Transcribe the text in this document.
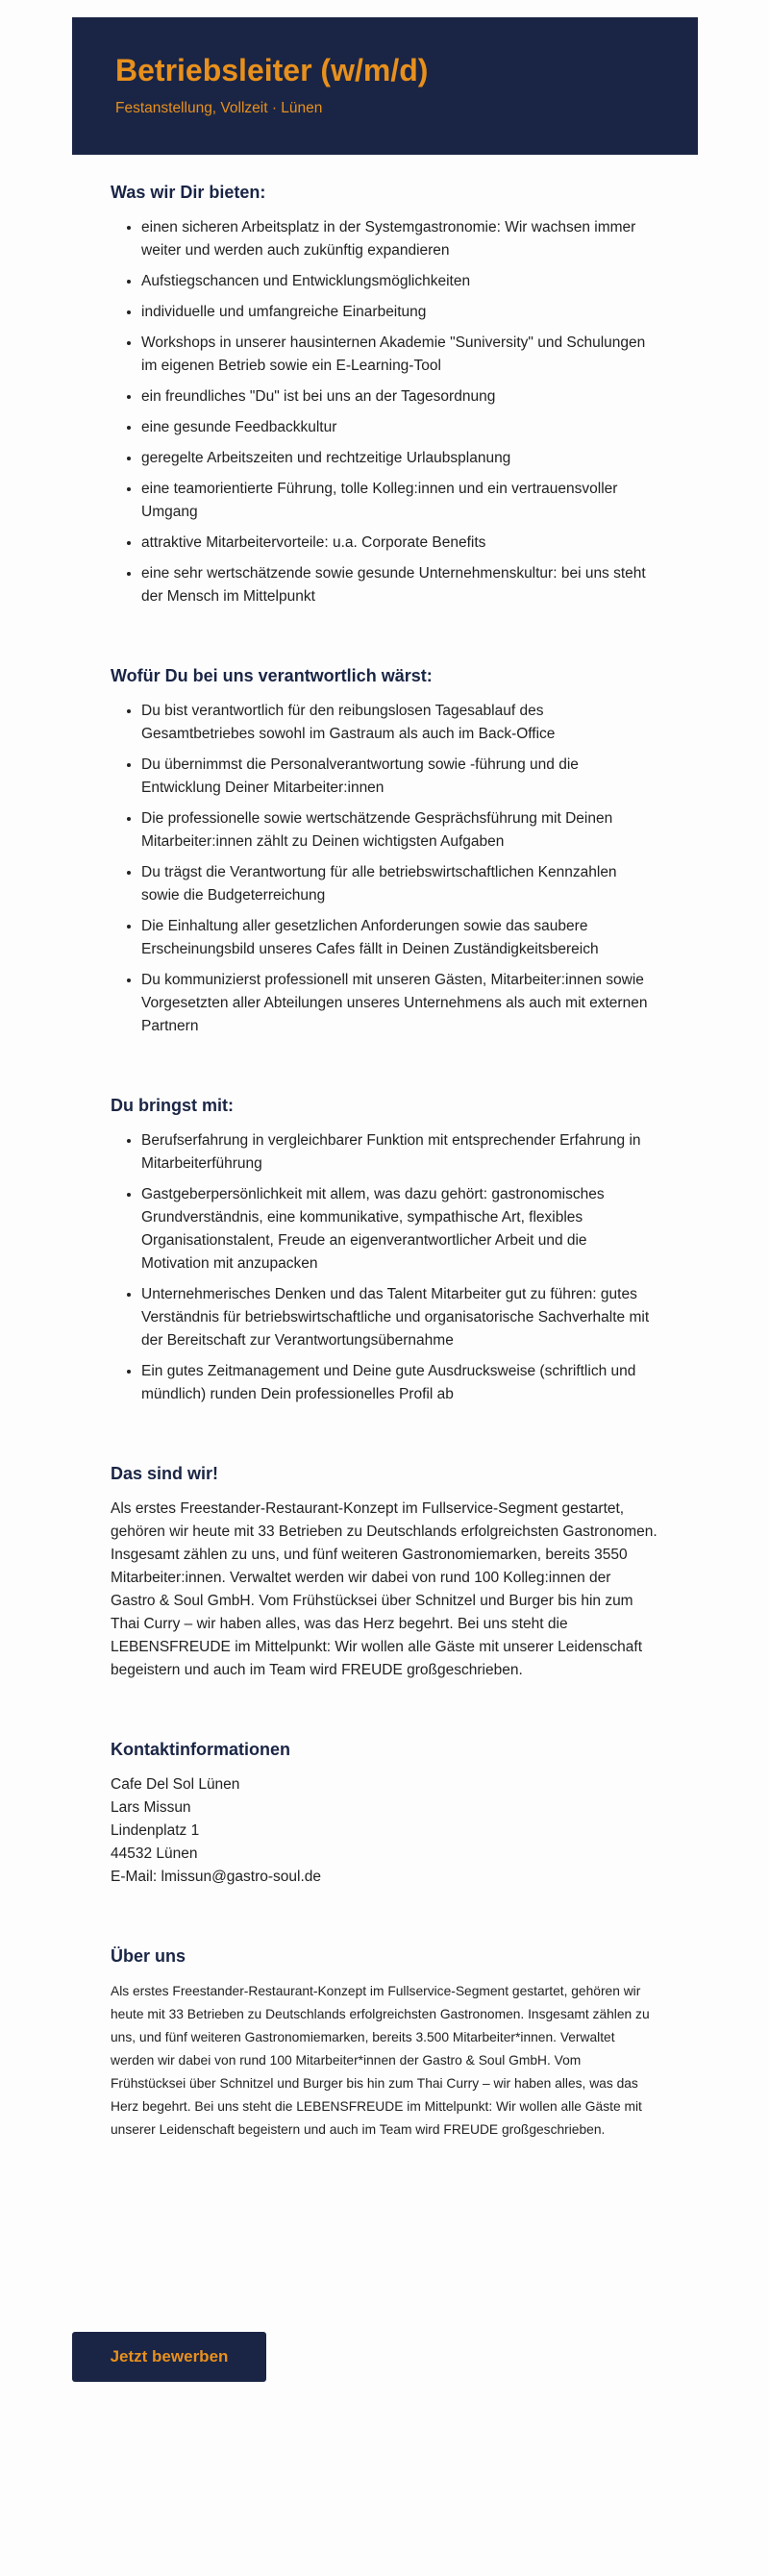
Betriebsleiter (w/m/d)
Festanstellung, Vollzeit · Lünen
Was wir Dir bieten:
• einen sicheren Arbeitsplatz in der Systemgastronomie: Wir wachsen immer weiter und werden auch zukünftig expandieren
• Aufstiegschancen und Entwicklungsmöglichkeiten
• individuelle und umfangreiche Einarbeitung
• Workshops in unserer hausinternen Akademie "Suniversity" und Schulungen im eigenen Betrieb sowie ein E-Learning-Tool
• ein freundliches "Du" ist bei uns an der Tagesordnung
• eine gesunde Feedbackkultur
• geregelte Arbeitszeiten und rechtzeitige Urlaubsplanung
• eine teamorientierte Führung, tolle Kolleg:innen und ein vertrauensvoller Umgang
• attraktive Mitarbeitervorteile: u.a. Corporate Benefits
• eine sehr wertschätzende sowie gesunde Unternehmenskultur: bei uns steht der Mensch im Mittelpunkt
Wofür Du bei uns verantwortlich wärst:
• Du bist verantwortlich für den reibungslosen Tagesablauf des Gesamtbetriebes sowohl im Gastraum als auch im Back-Office
• Du übernimmst die Personalverantwortung sowie -führung und die Entwicklung Deiner Mitarbeiter:innen
• Die professionelle sowie wertschätzende Gesprächsführung mit Deinen Mitarbeiter:innen zählt zu Deinen wichtigsten Aufgaben
• Du trägst die Verantwortung für alle betriebswirtschaftlichen Kennzahlen sowie die Budgeterreichung
• Die Einhaltung aller gesetzlichen Anforderungen sowie das saubere Erscheinungsbild unseres Cafes fällt in Deinen Zuständigkeitsbereich
• Du kommunizierst professionell mit unseren Gästen, Mitarbeiter:innen sowie Vorgesetzten aller Abteilungen unseres Unternehmens als auch mit externen Partnern
Du bringst mit:
• Berufserfahrung in vergleichbarer Funktion mit entsprechender Erfahrung in Mitarbeiterführung
• Gastgeberpersönlichkeit mit allem, was dazu gehört: gastronomisches Grundverständnis, eine kommunikative, sympathische Art, flexibles Organisationstalent, Freude an eigenverantwortlicher Arbeit und die Motivation mit anzupacken
• Unternehmerisches Denken und das Talent Mitarbeiter gut zu führen: gutes Verständnis für betriebswirtschaftliche und organisatorische Sachverhalte mit der Bereitschaft zur Verantwortungsübernahme
• Ein gutes Zeitmanagement und Deine gute Ausdrucksweise (schriftlich und mündlich) runden Dein professionelles Profil ab
Das sind wir!

Als erstes Freestander-Restaurant-Konzept im Fullservice-Segment gestartet, gehören wir heute mit 33 Betrieben zu Deutschlands erfolgreichsten Gastronomen. Insgesamt zählen zu uns, und fünf weiteren Gastronomiemarken, bereits 3550 Mitarbeiter:innen. Verwaltet werden wir dabei von rund 100 Kolleg:innen der Gastro & Soul GmbH. Vom Frühstücksei über Schnitzel und Burger bis hin zum Thai Curry – wir haben alles, was das Herz begehrt. Bei uns steht die LEBENSFREUDE im Mittelpunkt: Wir wollen alle Gäste mit unserer Leidenschaft begeistern und auch im Team wird FREUDE großgeschrieben.

Kontaktinformationen
Cafe Del Sol Lünen
Lars Missun
Lindenplatz 1
44532 Lünen
E-Mail: lmissun@gastro-soul.de
Über uns

Als erstes Freestander-Restaurant-Konzept im Fullservice-Segment gestartet, gehören wir heute mit 33 Betrieben zu Deutschlands erfolgreichsten Gastronomen. Insgesamt zählen zu uns, und fünf weiteren Gastronomiemarken, bereits 3.500 Mitarbeiter*innen. Verwaltet werden wir dabei von rund 100 Mitarbeiter*innen der Gastro & Soul GmbH. Vom Frühstücksei über Schnitzel und Burger bis hin zum Thai Curry – wir haben alles, was das Herz begehrt. Bei uns steht die LEBENSFREUDE im Mittelpunkt: Wir wollen alle Gäste mit unserer Leidenschaft begeistern und auch im Team wird FREUDE großgeschrieben.

Jetzt bewerben
